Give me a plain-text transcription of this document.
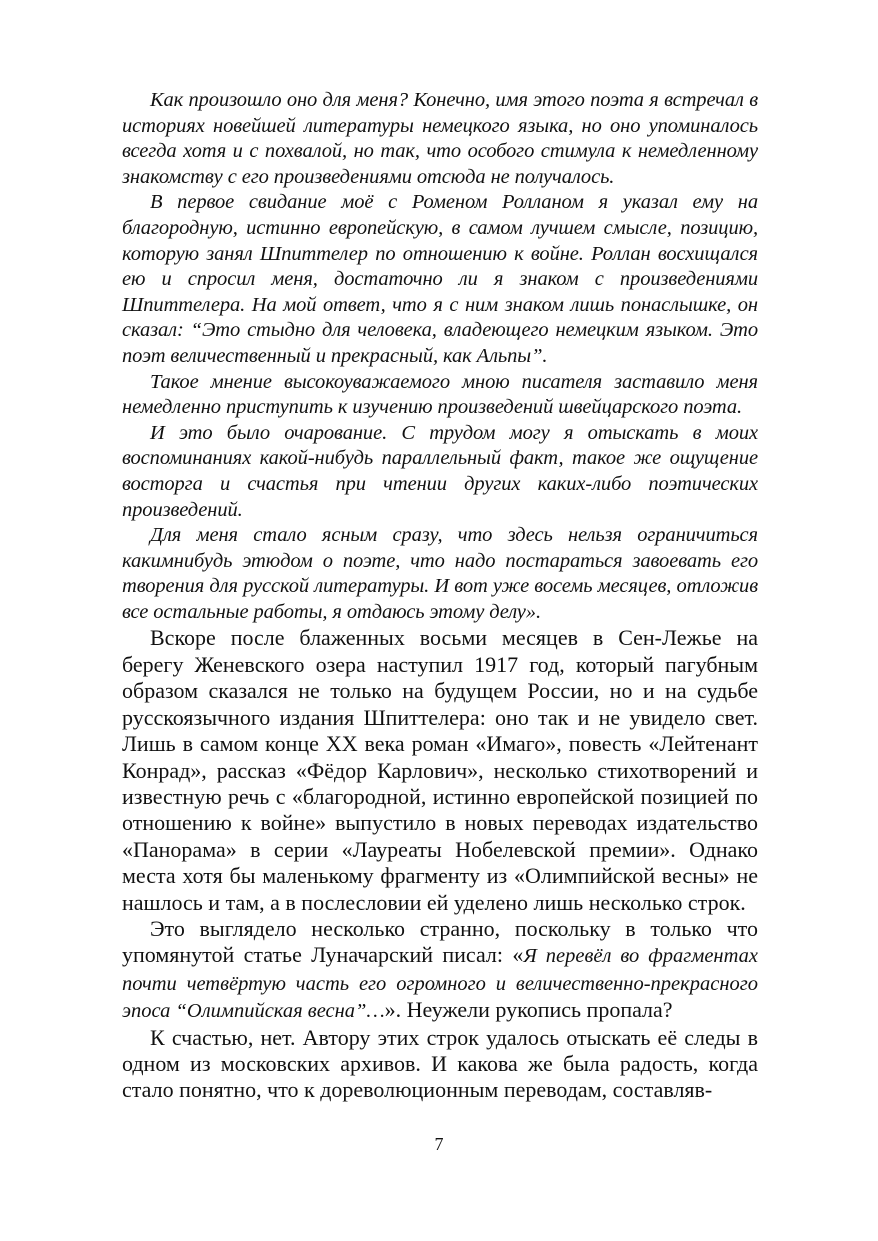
Как произошло оно для меня? Конечно, имя этого поэта я встречал в историях новейшей литературы немецкого языка, но оно упоминалось всегда хотя и с похвалой, но так, что особого стимула к немедленному знакомству с его произведениями отсюда не получалось.

В первое свидание моё с Роменом Ролланом я указал ему на благородную, истинно европейскую, в самом лучшем смысле, позицию, которую занял Шпиттелер по отношению к войне. Роллан восхищался ею и спросил меня, достаточно ли я знаком с произведениями Шпиттелера. На мой ответ, что я с ним знаком лишь понаслышке, он сказал: “Это стыдно для человека, владеющего немецким языком. Это поэт величественный и прекрасный, как Альпы”.

Такое мнение высокоуважаемого мною писателя заставило меня немедленно приступить к изучению произведений швейцарского поэта.

И это было очарование. С трудом могу я отыскать в моих воспоминаниях какой-нибудь параллельный факт, такое же ощущение восторга и счастья при чтении других каких-либо поэтических произведений.

Для меня стало ясным сразу, что здесь нельзя ограничиться какимнибудь этюдом о поэте, что надо постараться завоевать его творения для русской литературы. И вот уже восемь месяцев, отложив все остальные работы, я отдаюсь этому делу».

Вскоре после блаженных восьми месяцев в Сен-Лежье на берегу Женевского озера наступил 1917 год, который пагубным образом сказался не только на будущем России, но и на судьбе русскоязычного издания Шпиттелера: оно так и не увидело свет. Лишь в самом конце XX века роман «Имаго», повесть «Лейтенант Конрад», рассказ «Фёдор Карлович», несколько стихотворений и известную речь с «благородной, истинно европейской позицией по отношению к войне» выпустило в новых переводах издательство «Панорама» в серии «Лауреаты Нобелевской премии». Однако места хотя бы маленькому фрагменту из «Олимпийской весны» не нашлось и там, а в послесловии ей уделено лишь несколько строк.

Это выглядело несколько странно, поскольку в только что упомянутой статье Луначарский писал: «Я перевёл во фрагментах почти четвёртую часть его огромного и величественно-прекрасного эпоса “Олимпийская весна”…». Неужели рукопись пропала?

К счастью, нет. Автору этих строк удалось отыскать её следы в одном из московских архивов. И какова же была радость, когда стало понятно, что к дореволюционным переводам, составляв-

7
